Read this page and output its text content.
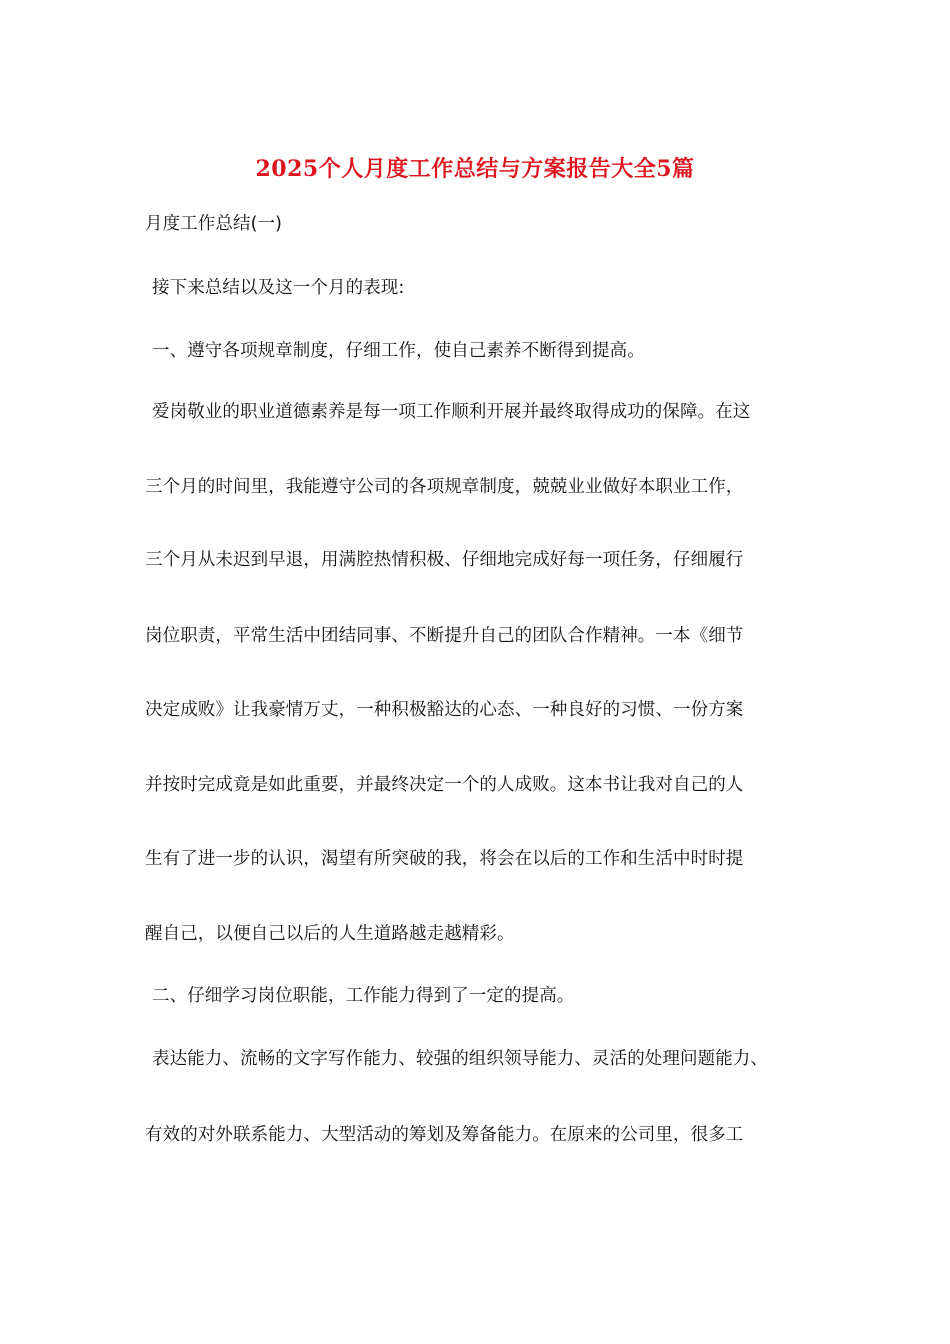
2025个人月度工作总结与方案报告大全5篇
月度工作总结(一)
接下来总结以及这一个月的表现:
一、遵守各项规章制度，仔细工作，使自己素养不断得到提高。
爱岗敬业的职业道德素养是每一项工作顺利开展并最终取得成功的保障。在这
三个月的时间里，我能遵守公司的各项规章制度，兢兢业业做好本职业工作，
三个月从未迟到早退，用满腔热情积极、仔细地完成好每一项任务，仔细履行
岗位职责，平常生活中团结同事、不断提升自己的团队合作精神。一本《细节
决定成败》让我豪情万丈，一种积极豁达的心态、一种良好的习惯、一份方案
并按时完成竟是如此重要，并最终决定一个的人成败。这本书让我对自己的人
生有了进一步的认识，渴望有所突破的我，将会在以后的工作和生活中时时提
醒自己，以便自己以后的人生道路越走越精彩。
二、仔细学习岗位职能，工作能力得到了一定的提高。
表达能力、流畅的文字写作能力、较强的组织领导能力、灵活的处理问题能力、
有效的对外联系能力、大型活动的筹划及筹备能力。在原来的公司里，很多工
